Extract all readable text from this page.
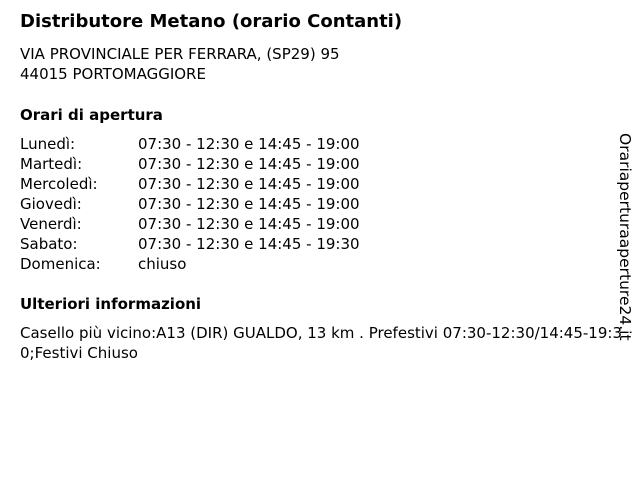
Distributore Metano (orario Contanti)
VIA PROVINCIALE PER FERRARA, (SP29) 95
44015 PORTOMAGGIORE
Orari di apertura
Lunedì:	07:30 - 12:30 e 14:45 - 19:00
Martedì:	07:30 - 12:30 e 14:45 - 19:00
Mercoledì:	07:30 - 12:30 e 14:45 - 19:00
Giovedì:	07:30 - 12:30 e 14:45 - 19:00
Venerdì:	07:30 - 12:30 e 14:45 - 19:00
Sabato:	07:30 - 12:30 e 14:45 - 19:30
Domenica:	chiuso
Ulteriori informazioni
Casello più vicino:A13 (DIR) GUALDO, 13 km . Prefestivi 07:30-12:30/14:45-19:30;Festivi Chiuso
Orariaperturaaperture24.it
